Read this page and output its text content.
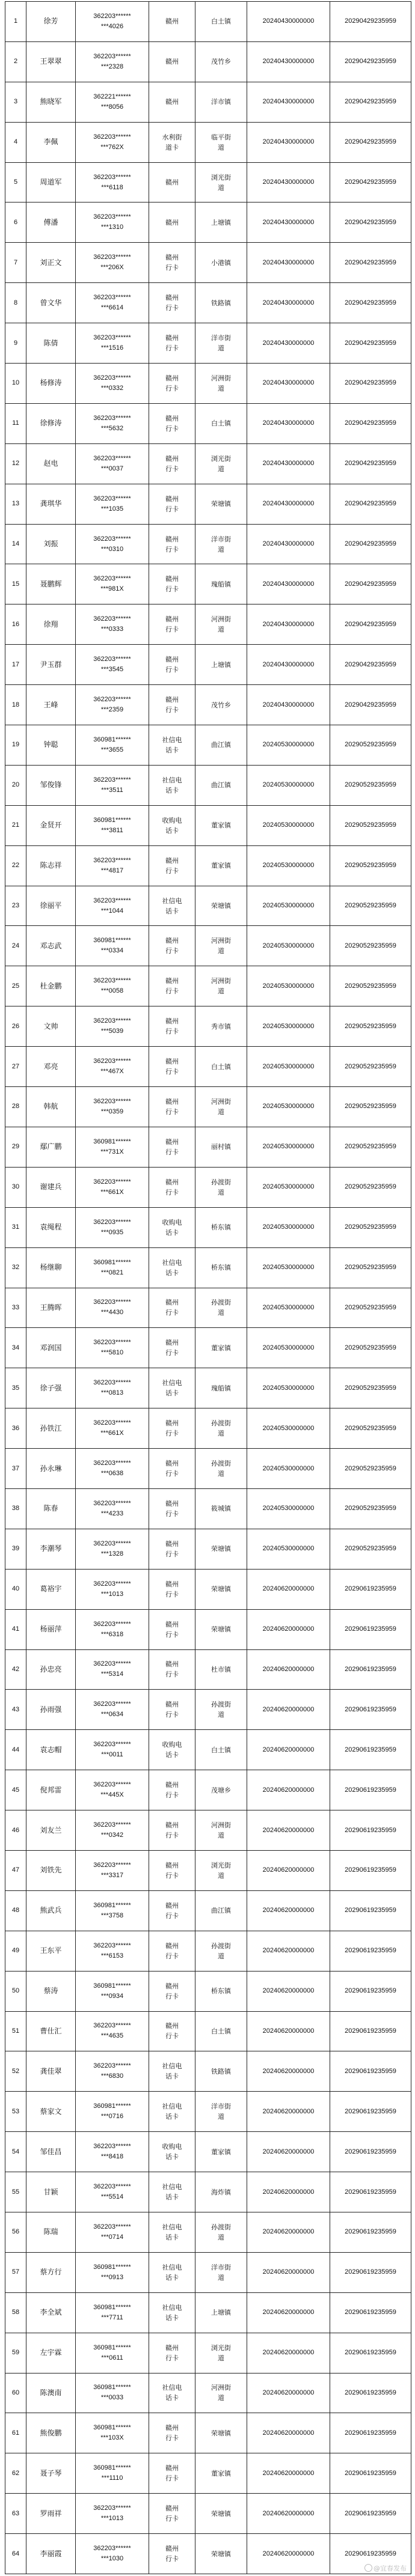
1	徐芳	362203******
***4026	赣州	白土镇	20240430000000	20290429235959
2	王翠翠	362203******
***2328	赣州	茂竹乡	20240430000000	20290429235959
3	熊晓军	362221******
***8056	赣州	洋市镇	20240430000000	20290429235959
4	李佩	362203******
***762X	水利街
道卡	临平街
道	20240430000000	20290429235959
5	周道军	362203******
***6118	赣州	浏光街
道	20240430000000	20290429235959
6	傅潘	362203******
***1310	赣州	上塘镇	20240430000000	20290429235959
7	刘正文	362203******
***206X	赣州
行卡	小港镇	20240430000000	20290429235959
8	曾文华	362203******
***6614	赣州
行卡	铁路镇	20240430000000	20290429235959
9	陈倩	362203******
***1516	赣州
行卡	洋市街
道	20240430000000	20290429235959
10	杨修涛	362203******
***0332	赣州
行卡	河洲街
道	20240430000000	20290429235959
11	徐修涛	362203******
***5632	赣州
行卡	白土镇	20240430000000	20290429235959
12	赵电	362203******
***0037	赣州
行卡	浏光街
道	20240430000000	20290429235959
13	龚琪华	362203******
***1035	赣州
行卡	荣塘镇	20240430000000	20290429235959
14	刘振	362203******
***0310	赣州
行卡	洋市街
道	20240430000000	20290429235959
15	聂鹏辉	362203******
***981X	赣州
行卡	瑰船镇	20240430000000	20290429235959
16	徐翔	362203******
***0333	赣州
行卡	河洲街
道	20240430000000	20290429235959
17	尹玉群	362203******
***3545	赣州
行卡	上塘镇	20240430000000	20290429235959
18	王峰	362203******
***2359	赣州
行卡	茂竹乡	20240430000000	20290429235959
19	钟聪	360981******
***3655	社信电
话卡	曲江镇	20240530000000	20290529235959
20	邹俊锋	362203******
***3511	社信电
话卡	曲江镇	20240530000000	20290529235959
21	金贤开	360981******
***3811	收购电
话卡	董家镇	20240530000000	20290529235959
22	陈志祥	362203******
***4817	赣州
行卡	董家镇	20240530000000	20290529235959
23	徐丽平	362203******
***1044	社信电
话卡	荣塘镇	20240530000000	20290529235959
24	邓志武	360981******
***0334	赣州
行卡	河洲街
道	20240530000000	20290529235959
25	杜金鹏	362203******
***0058	赣州
行卡	河洲街
道	20240530000000	20290529235959
26	文帅	362203******
***5039	赣州
行卡	秀市镇	20240530000000	20290529235959
27	邓亮	362203******
***467X	赣州
行卡	白土镇	20240530000000	20290529235959
28	韩航	362203******
***0359	赣州
行卡	河洲街
道	20240530000000	20290529235959
29	鄢广鹏	360981******
***731X	赣州
行卡	丽村镇	20240530000000	20290529235959
30	谢建兵	362203******
***661X	赣州
行卡	孙渡街
道	20240530000000	20290529235959
31	袁绳程	362203******
***0935	收购电
话卡	桥东镇	20240530000000	20290529235959
32	杨继聊	360981******
***0821	社信电
话卡	桥东镇	20240530000000	20290529235959
33	王腾晖	362203******
***4430	赣州
行卡	孙渡街
道	20240530000000	20290529235959
34	邓润国	362203******
***5810	赣州
行卡	董家镇	20240530000000	20290529235959
35	徐子强	362203******
***0813	社信电
话卡	瑰船镇	20240530000000	20290529235959
36	孙铁江	362203******
***661X	赣州
行卡	孙渡街
道	20240530000000	20290529235959
37	孙永琳	362203******
***0638	赣州
行卡	孙渡街
道	20240530000000	20290529235959
38	陈春	362203******
***4233	赣州
行卡	筱城镇	20240530000000	20290529235959
39	李潮琴	362203******
***1328	赣州
行卡	荣塘镇	20240530000000	20290529235959
40	葛裕宇	362203******
***1013	赣州
行卡	荣塘镇	20240620000000	20290619235959
41	杨丽萍	362203******
***6318	赣州
行卡	荣塘镇	20240620000000	20290619235959
42	孙忠亮	362203******
***5314	赣州
行卡	杜市镇	20240620000000	20290619235959
43	孙雨强	362203******
***0634	赣州
行卡	孙渡街
道	20240620000000	20290619235959
44	袁志帽	362203******
***0011	收购电
话卡	白土镇	20240620000000	20290619235959
45	倪邦雷	362203******
***445X	赣州
行卡	茂塘乡	20240620000000	20290619235959
46	刘友兰	362203******
***0342	赣州
行卡	河洲街
道	20240620000000	20290619235959
47	刘铁先	362203******
***3317	赣州
行卡	浏光街
道	20240620000000	20290619235959
48	熊武兵	360981******
***3758	赣州
行卡	曲江镇	20240620000000	20290619235959
49	王东平	362203******
***6153	赣州
行卡	孙渡街
道	20240620000000	20290619235959
50	蔡涛	360981******
***0934	赣州
行卡	桥东镇	20240620000000	20290619235959
51	曹仕汇	362203******
***4635	赣州
行卡	白土镇	20240620000000	20290619235959
52	龚佳翠	362203******
***6830	社信电
话卡	铁路镇	20240620000000	20290619235959
53	蔡家文	360981******
***0716	社信电
话卡	洋市街
道	20240620000000	20290619235959
54	邹佳昌	362203******
***8418	收购电
话卡	董家镇	20240620000000	20290619235959
55	甘颖	362203******
***5514	社信电
话卡	海炸镇	20240620000000	20290619235959
56	陈瑞	362203******
***0714	社信电
话卡	孙渡街
道	20240620000000	20290619235959
57	蔡方行	360981******
***0913	社信电
话卡	洋市街
道	20240620000000	20290619235959
58	李全斌	360981******
***7711	社信电
话卡	上塘镇	20240620000000	20290619235959
59	左宇霖	360981******
***0611	赣州
行卡	浏光街
道	20240620000000	20290619235959
60	陈澳南	360981******
***0033	社信电
话卡	河洲街
道	20240620000000	20290619235959
61	熊俊鹏	360981******
***103X	赣州
行卡	荣塘镇	20240620000000	20290619235959
62	聂子琴	360981******
***1110	赣州
行卡	董家镇	20240620000000	20290619235959
63	罗雨祥	362203******
***1013	赣州
行卡	荣塘镇	20240620000000	20290619235959
64	李丽霞	362203******
***1030	赣州
行卡	荣塘镇	20240620000000	20290619235959
@宜春发布
